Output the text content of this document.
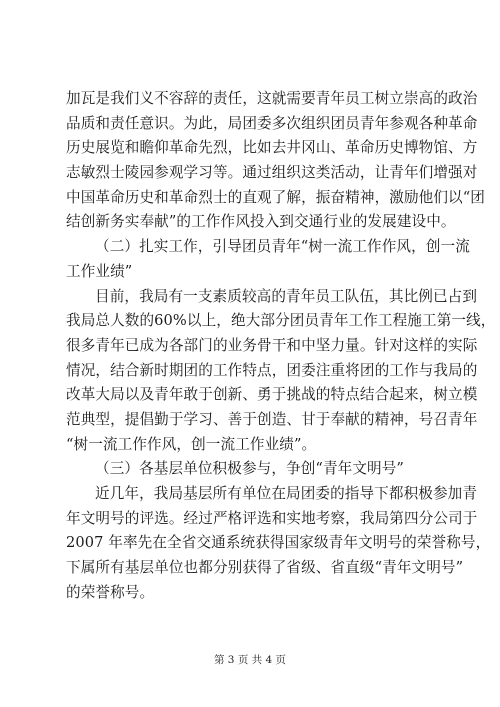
加瓦是我们义不容辞的责任，这就需要青年员工树立崇高的政治
品质和责任意识。为此，局团委多次组织团员青年参观各种革命
历史展览和瞻仰革命先烈，比如去井冈山、革命历史博物馆、方
志敏烈士陵园参观学习等。通过组织这类活动，让青年们增强对
中国革命历史和革命烈士的直观了解，振奋精神，激励他们以“团
结创新务实奉献”的工作作风投入到交通行业的发展建设中。
（二）扎实工作，引导团员青年“树一流工作作风，创一流
工作业绩”
目前，我局有一支素质较高的青年员工队伍，其比例已占到
我局总人数的60%以上，绝大部分团员青年工作工程施工第一线，
很多青年已成为各部门的业务骨干和中坚力量。针对这样的实际
情况，结合新时期团的工作特点，团委注重将团的工作与我局的
改革大局以及青年敢于创新、勇于挑战的特点结合起来，树立模
范典型，提倡勤于学习、善于创造、甘于奉献的精神，号召青年
“树一流工作作风，创一流工作业绩”。
（三）各基层单位积极参与，争创“青年文明号”
近几年，我局基层所有单位在局团委的指导下都积极参加青
年文明号的评选。经过严格评选和实地考察，我局第四分公司于
2007 年率先在全省交通系统获得国家级青年文明号的荣誉称号，
下属所有基层单位也都分别获得了省级、省直级“青年文明号”
的荣誉称号。
第 3 页 共 4 页
